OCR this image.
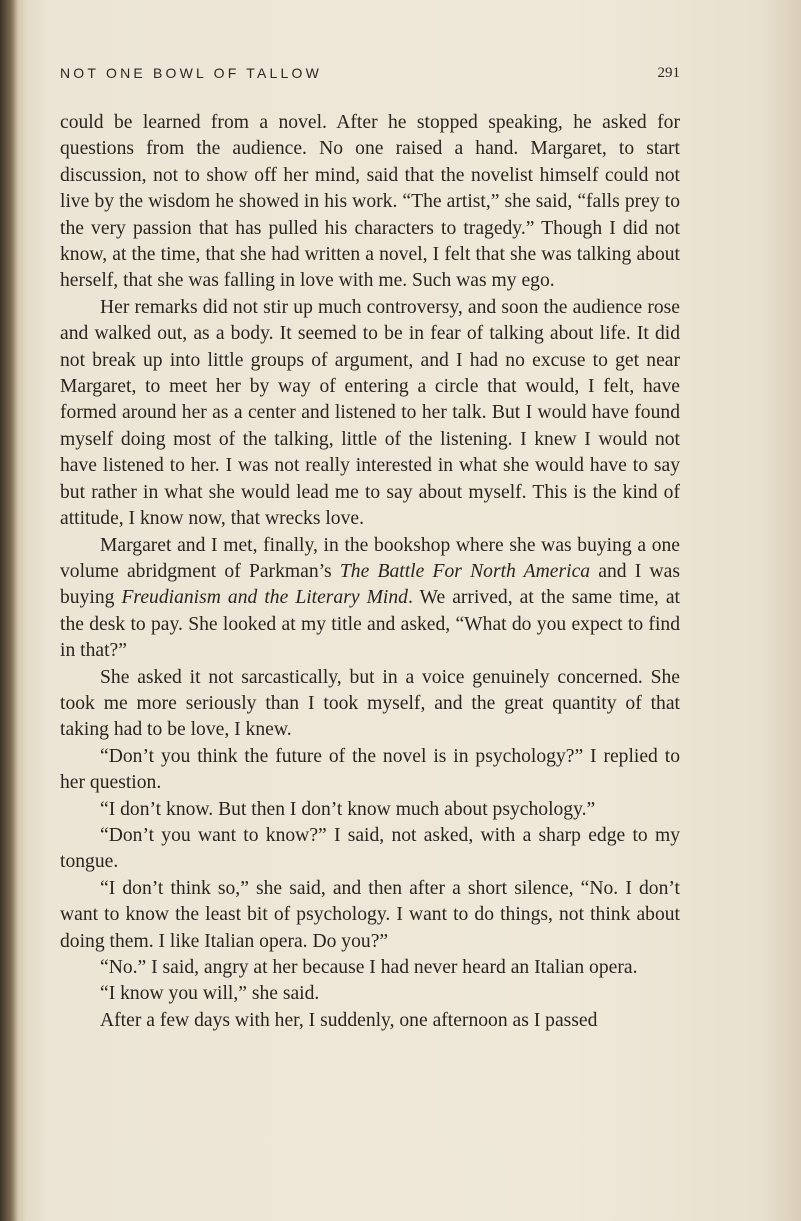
NOT ONE BOWL OF TALLOW	291

could be learned from a novel. After he stopped speaking, he asked for questions from the audience. No one raised a hand. Margaret, to start discussion, not to show off her mind, said that the novelist himself could not live by the wisdom he showed in his work. “The artist,” she said, “falls prey to the very passion that has pulled his characters to tragedy.” Though I did not know, at the time, that she had written a novel, I felt that she was talking about herself, that she was falling in love with me. Such was my ego.

Her remarks did not stir up much controversy, and soon the audience rose and walked out, as a body. It seemed to be in fear of talking about life. It did not break up into little groups of argument, and I had no excuse to get near Margaret, to meet her by way of entering a circle that would, I felt, have formed around her as a center and listened to her talk. But I would have found myself doing most of the talking, little of the listening. I knew I would not have listened to her. I was not really interested in what she would have to say but rather in what she would lead me to say about myself. This is the kind of attitude, I know now, that wrecks love.

Margaret and I met, finally, in the bookshop where she was buying a one volume abridgment of Parkman’s The Battle For North America and I was buying Freudianism and the Literary Mind. We arrived, at the same time, at the desk to pay. She looked at my title and asked, “What do you expect to find in that?”

She asked it not sarcastically, but in a voice genuinely concerned. She took me more seriously than I took myself, and the great quantity of that taking had to be love, I knew.

“Don’t you think the future of the novel is in psychology?” I replied to her question.

“I don’t know. But then I don’t know much about psychology.”

“Don’t you want to know?” I said, not asked, with a sharp edge to my tongue.

“I don’t think so,” she said, and then after a short silence, “No. I don’t want to know the least bit of psychology. I want to do things, not think about doing them. I like Italian opera. Do you?”

“No.” I said, angry at her because I had never heard an Italian opera.

“I know you will,” she said.

After a few days with her, I suddenly, one afternoon as I passed
